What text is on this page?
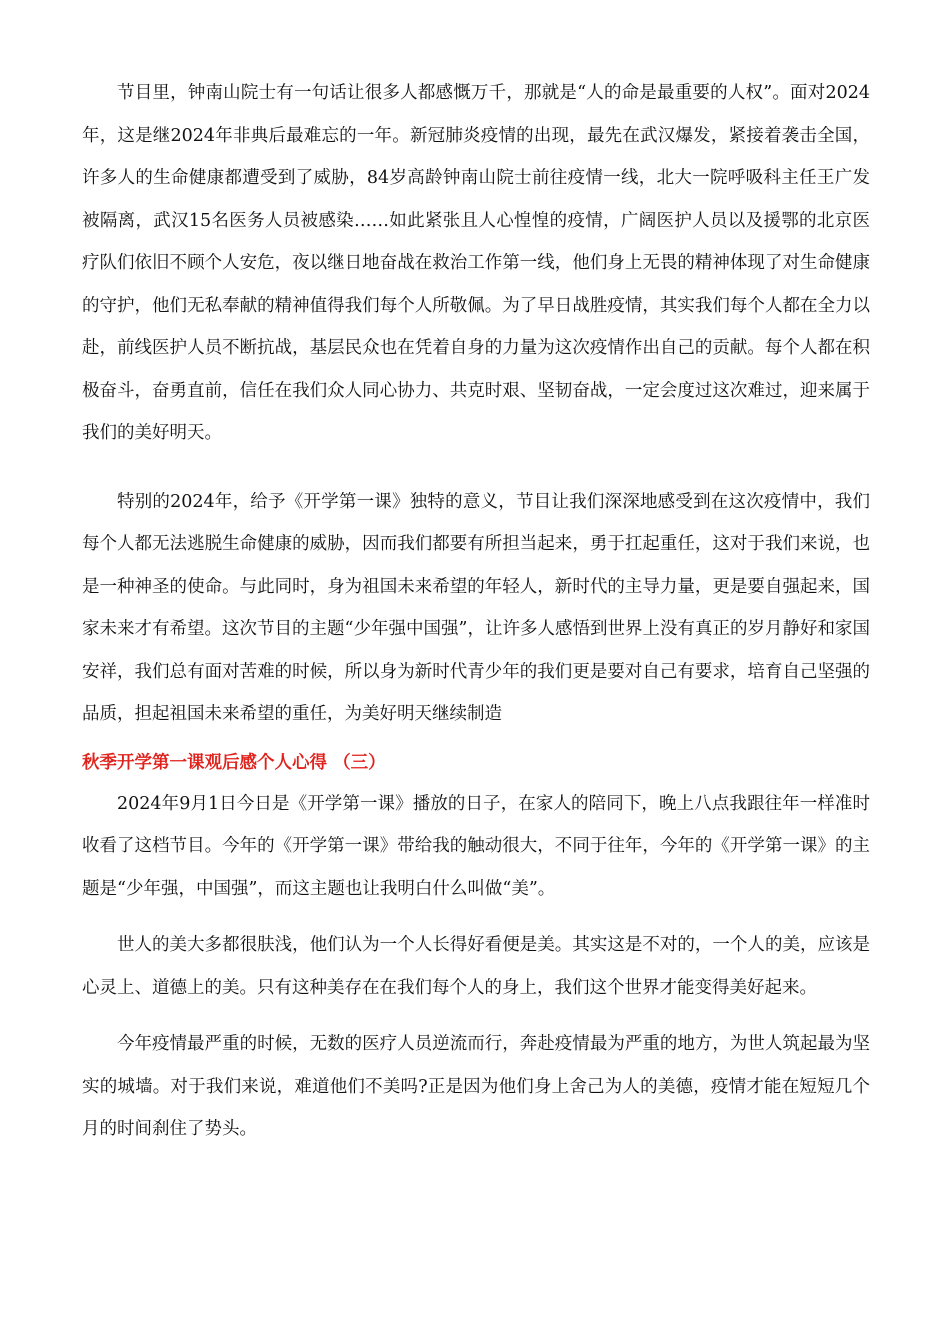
节目里，钟南山院士有一句话让很多人都感慨万千，那就是“人的命是最重要的人权”。面对2024年，这是继2024年非典后最难忘的一年。新冠肺炎疫情的出现，最先在武汉爆发，紧接着袭击全国，许多人的生命健康都遭受到了威胁，84岁高龄钟南山院士前往疫情一线，北大一院呼吸科主任王广发被隔离，武汉15名医务人员被感染……如此紧张且人心惶惶的疫情，广阔医护人员以及援鄂的北京医疗队们依旧不顾个人安危，夜以继日地奋战在救治工作第一线，他们身上无畏的精神体现了对生命健康的守护，他们无私奉献的精神值得我们每个人所敬佩。为了早日战胜疫情，其实我们每个人都在全力以赴，前线医护人员不断抗战，基层民众也在凭着自身的力量为这次疫情作出自己的贡献。每个人都在积极奋斗，奋勇直前，信任在我们众人同心协力、共克时艰、坚韧奋战，一定会度过这次难过，迎来属于我们的美好明天。

特别的2024年，给予《开学第一课》独特的意义，节目让我们深深地感受到在这次疫情中，我们每个人都无法逃脱生命健康的威胁，因而我们都要有所担当起来，勇于扛起重任，这对于我们来说，也是一种神圣的使命。与此同时，身为祖国未来希望的年轻人，新时代的主导力量，更是要自强起来，国家未来才有希望。这次节目的主题“少年强中国强”，让许多人感悟到世界上没有真正的岁月静好和家国安祥，我们总有面对苦难的时候，所以身为新时代青少年的我们更是要对自己有要求，培育自己坚强的品质，担起祖国未来希望的重任，为美好明天继续制造

秋季开学第一课观后感个人心得 （三）

2024年9月1日今日是《开学第一课》播放的日子，在家人的陪同下，晚上八点我跟往年一样准时收看了这档节目。今年的《开学第一课》带给我的触动很大，不同于往年，今年的《开学第一课》的主题是“少年强，中国强”，而这主题也让我明白什么叫做“美”。

世人的美大多都很肤浅，他们认为一个人长得好看便是美。其实这是不对的，一个人的美，应该是心灵上、道德上的美。只有这种美存在在我们每个人的身上，我们这个世界才能变得美好起来。

今年疫情最严重的时候，无数的医疗人员逆流而行，奔赴疫情最为严重的地方，为世人筑起最为坚实的城墙。对于我们来说，难道他们不美吗?正是因为他们身上舍己为人的美德，疫情才能在短短几个月的时间刹住了势头。
